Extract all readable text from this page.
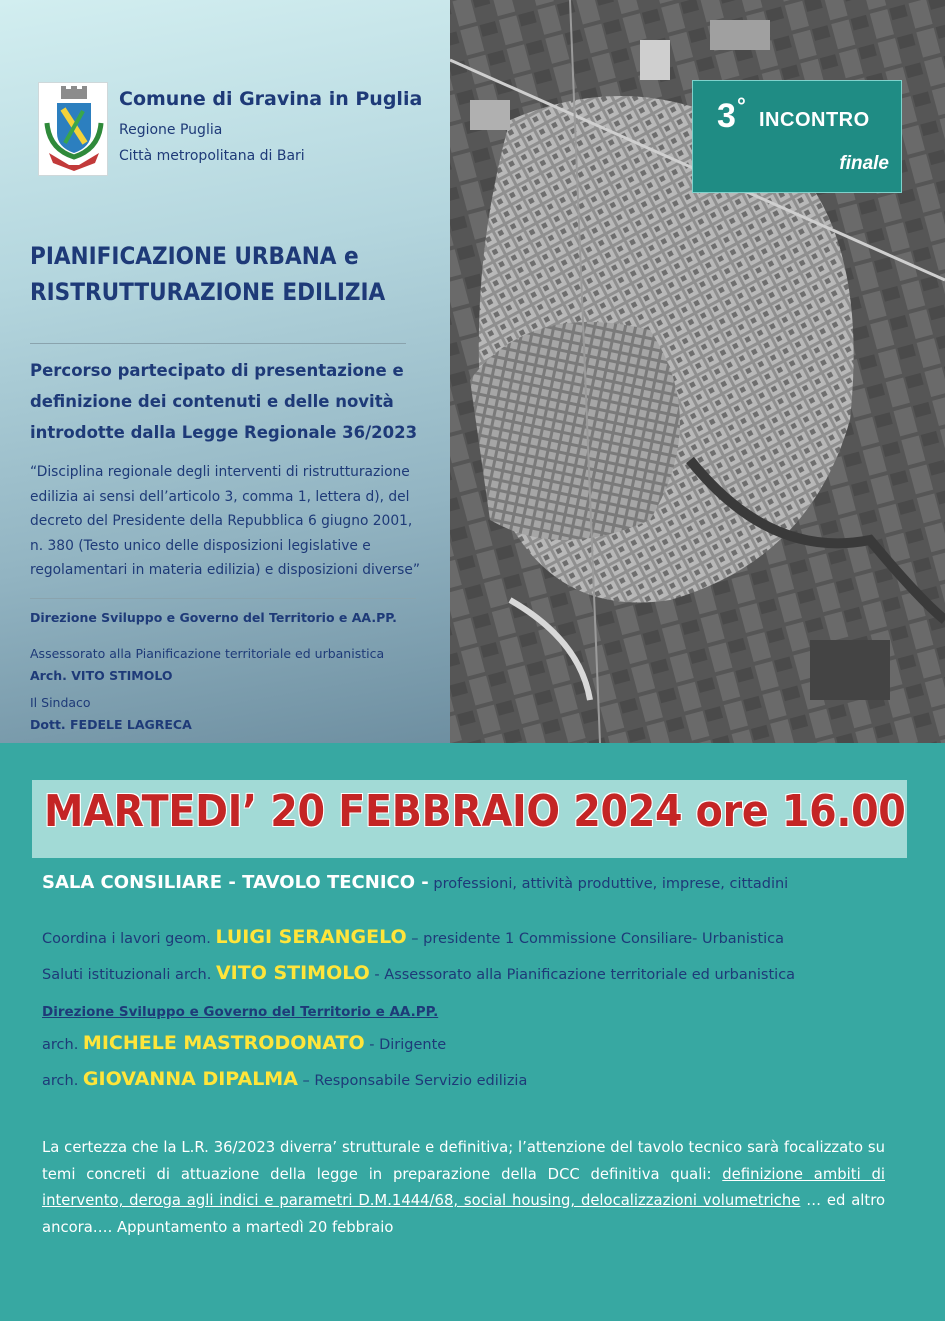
Comune di Gravina in Puglia
Regione Puglia
Città metropolitana di Bari
PIANIFICAZIONE URBANA e
RISTRUTTURAZIONE EDILIZIA
Percorso partecipato di presentazione e
definizione dei contenuti e delle novità
introdotte dalla Legge Regionale 36/2023
“Disciplina regionale degli interventi di ristrutturazione
edilizia ai sensi dell’articolo 3, comma 1, lettera d), del
decreto del Presidente della Repubblica 6 giugno 2001,
n. 380 (Testo unico delle disposizioni legislative e
regolamentari in materia edilizia) e disposizioni diverse”
Direzione Sviluppo e Governo del Territorio e AA.PP.
Assessorato alla Pianificazione territoriale ed urbanistica
Arch. VITO STIMOLO
Il Sindaco
Dott. FEDELE LAGRECA
3 °
INCONTRO
finale
MARTEDI’ 20 FEBBRAIO 2024 ore 16.00
SALA CONSILIARE - TAVOLO TECNICO - professioni, attività produttive, imprese, cittadini
Coordina i lavori geom. LUIGI SERANGELO – presidente 1 Commissione Consiliare- Urbanistica
Saluti istituzionali arch. VITO STIMOLO - Assessorato alla Pianificazione territoriale ed urbanistica
Direzione Sviluppo e Governo del Territorio e AA.PP.
arch. MICHELE MASTRODONATO - Dirigente
arch. GIOVANNA DIPALMA – Responsabile Servizio edilizia
La certezza che la L.R. 36/2023 diverra’ strutturale e definitiva; l’attenzione del tavolo tecnico sarà focalizzato su temi concreti di attuazione della legge in preparazione della DCC definitiva quali: definizione ambiti di intervento, deroga agli indici e parametri D.M.1444/68, social housing, delocalizzazioni volumetriche … ed altro ancora…. Appuntamento a martedì 20 febbraio
